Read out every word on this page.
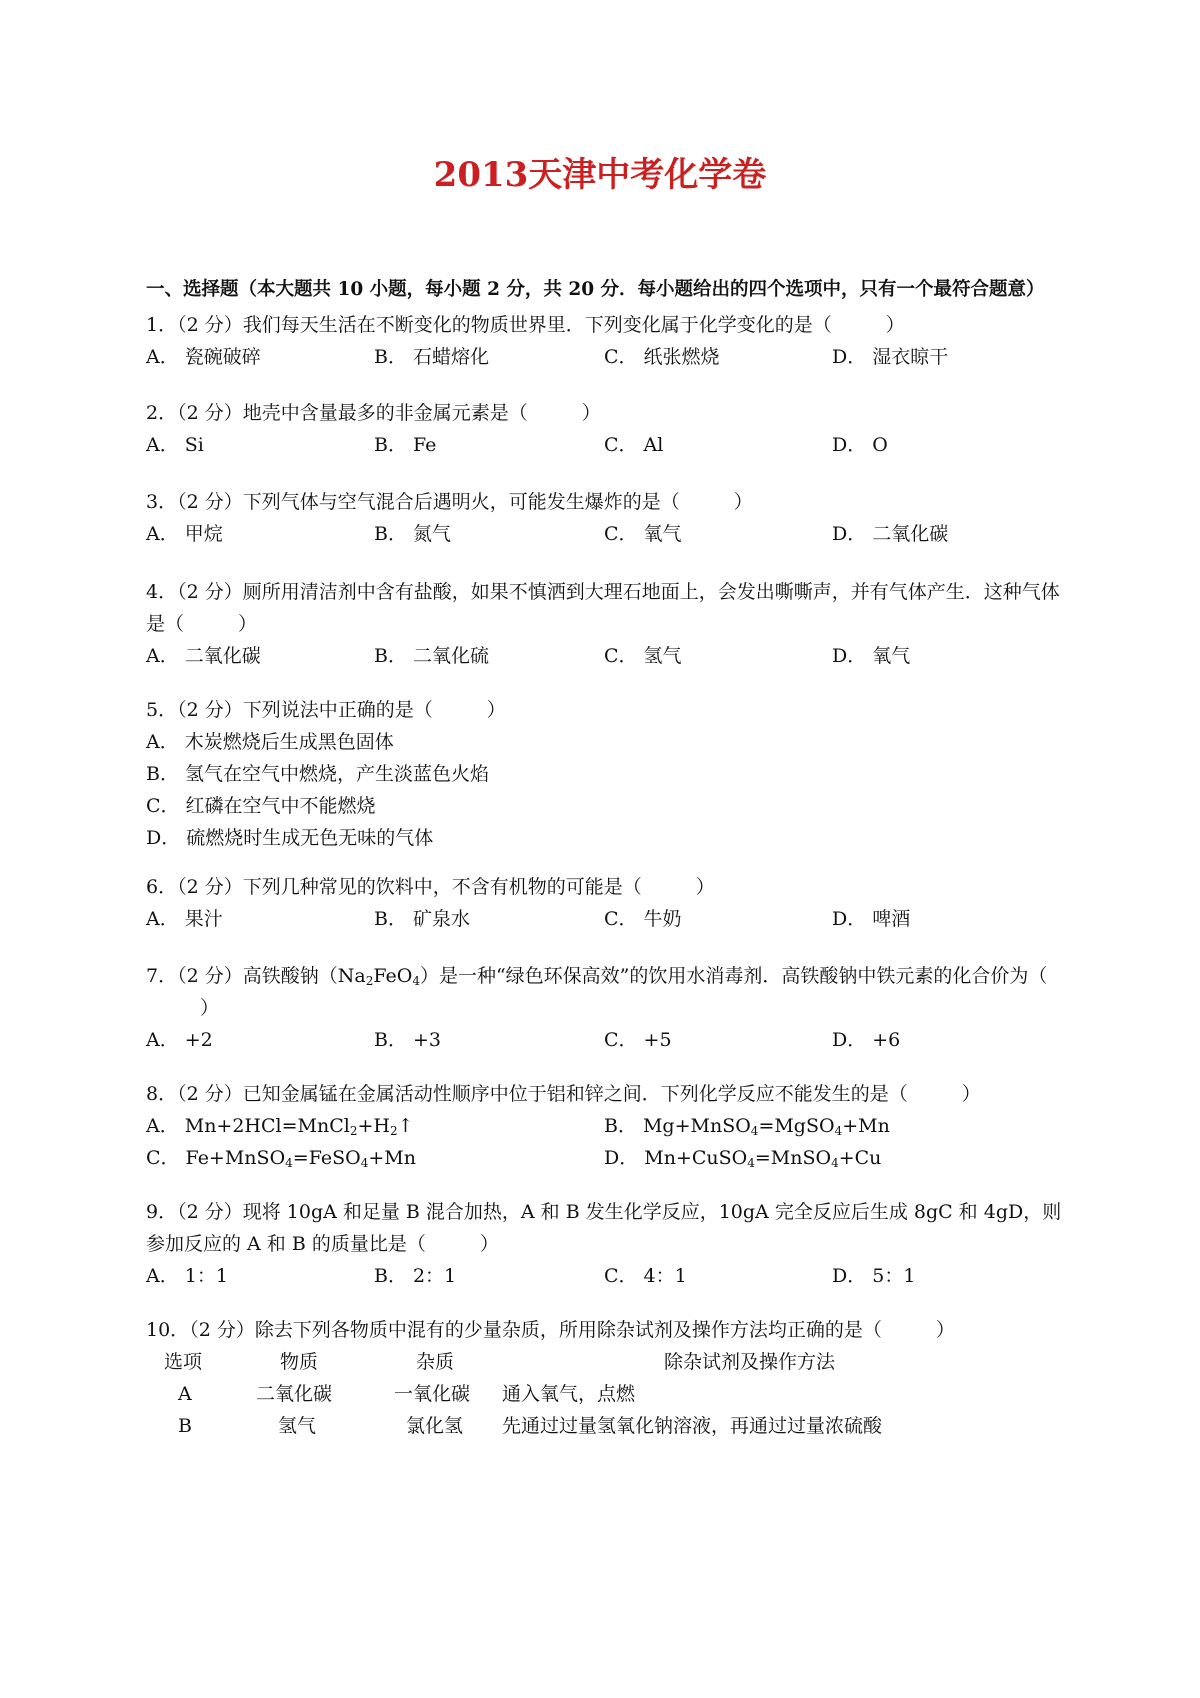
2013天津中考化学卷
一、选择题（本大题共 10 小题，每小题 2 分，共 20 分．每小题给出的四个选项中，只有一个最符合题意）

1．（2 分）我们每天生活在不断变化的物质世界里．下列变化属于化学变化的是（	）

A． 瓷碗破碎	B． 石蜡熔化	C． 纸张燃烧	D． 湿衣晾干

2．（2 分）地壳中含量最多的非金属元素是（	）

A． Si	B． Fe	C． Al	D． O

3．（2 分）下列气体与空气混合后遇明火，可能发生爆炸的是（	）

A． 甲烷	B． 氮气	C． 氧气	D． 二氧化碳

4．（2 分）厕所用清洁剂中含有盐酸，如果不慎洒到大理石地面上，会发出嘶嘶声，并有气体产生．这种气体是（	）

A． 二氧化碳	B． 二氧化硫	C． 氢气	D． 氧气

5．（2 分）下列说法中正确的是（	）

A． 木炭燃烧后生成黑色固体
B． 氢气在空气中燃烧，产生淡蓝色火焰
C． 红磷在空气中不能燃烧
D． 硫燃烧时生成无色无味的气体

6．（2 分）下列几种常见的饮料中，不含有机物的可能是（	）

A． 果汁	B． 矿泉水	C． 牛奶	D． 啤酒

7．（2 分）高铁酸钠$(Na_2FeO_4)$是一种“绿色环保高效”的饮用水消毒剂．高铁酸钠中铁元素的化合价为（）

A． +2	B． +3	C． +5	D． +6

8．（2 分）已知金属锰在金属活动性顺序中位于铝和锌之间．下列化学反应不能发生的是（	）

A． $Mn+2HCl=MnCl_2+H_2↑$	B． Mg+MnSO$_4$=MgSO$_4$+Mn
C． Fe+MnSO$_4$=FeSO$_4$+Mn	D． Mn+CuSO$_4$=MnSO$_4$+Cu

9．（2 分）现将 10gA 和足量 B 混合加热，A 和 B 发生化学反应，10gA 完全反应后生成 8gC 和 4gD，则参加反应的 A 和 B 的质量比是（	）

A． 1：1	B． 2：1	C． 4：1	D． 5：1

10．（2 分）除去下列各物质中混有的少量杂质，所用除杂试剂及操作方法均正确的是（	）

选项	物质	杂质	除杂试剂及操作方法
A	二氧化碳	一氧化碳 通入氧气，点燃
B	氢气	氯化氢 先通过过量氢氧化钠溶液，再通过过量浓硫酸
